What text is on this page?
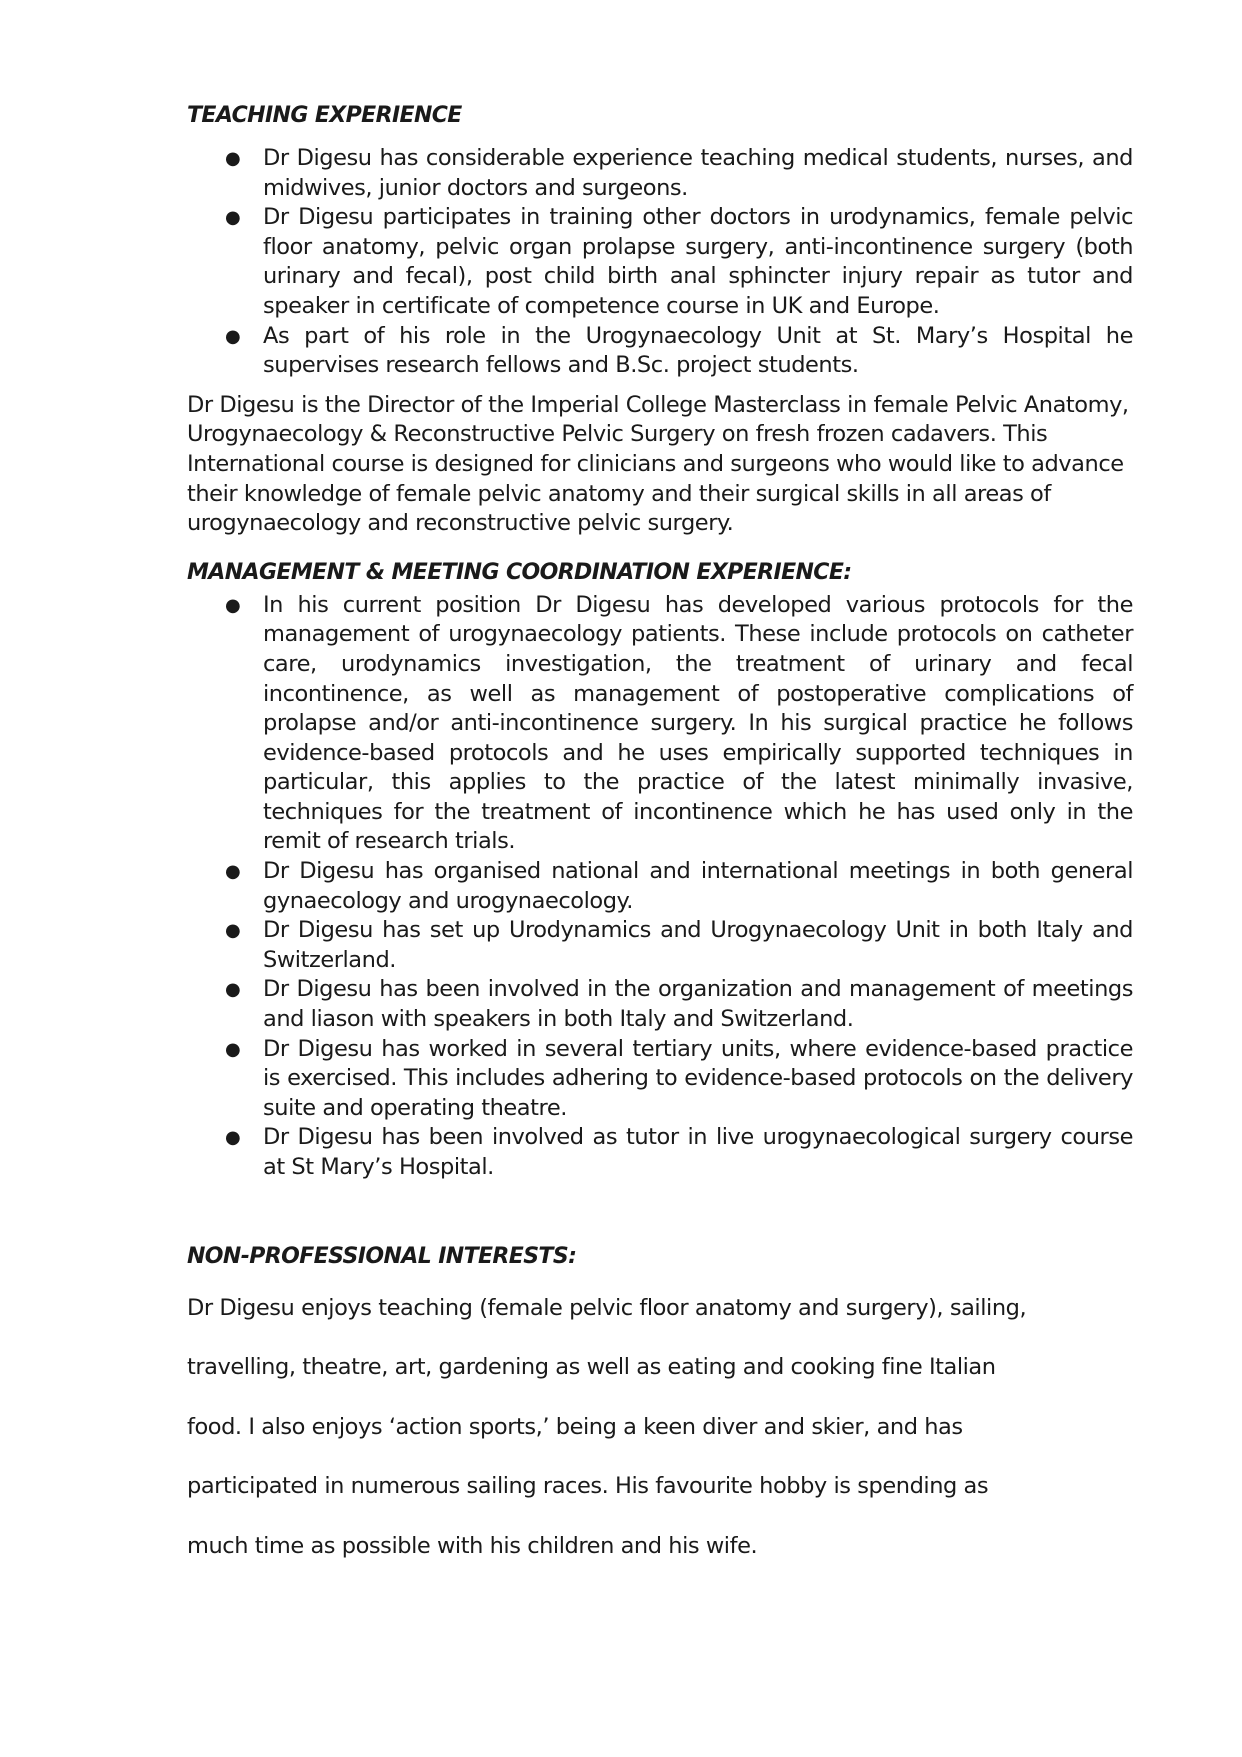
TEACHING EXPERIENCE
● Dr Digesu has considerable experience teaching medical students, nurses, and midwives, junior doctors and surgeons.
● Dr Digesu participates in training other doctors in urodynamics, female pelvic floor anatomy, pelvic organ prolapse surgery, anti-incontinence surgery (both urinary and fecal), post child birth anal sphincter injury repair as tutor and speaker in certificate of competence course in UK and Europe.
● As part of his role in the Urogynaecology Unit at St. Mary’s Hospital he supervises research fellows and B.Sc. project students.

Dr Digesu is the Director of the Imperial College Masterclass in female Pelvic Anatomy, Urogynaecology & Reconstructive Pelvic Surgery on fresh frozen cadavers. This International course is designed for clinicians and surgeons who would like to advance their knowledge of female pelvic anatomy and their surgical skills in all areas of urogynaecology and reconstructive pelvic surgery.

MANAGEMENT & MEETING COORDINATION EXPERIENCE:
● In his current position Dr Digesu has developed various protocols for the management of urogynaecology patients. These include protocols on catheter care, urodynamics investigation, the treatment of urinary and fecal incontinence, as well as management of postoperative complications of prolapse and/or anti-incontinence surgery. In his surgical practice he follows evidence-based protocols and he uses empirically supported techniques in particular, this applies to the practice of the latest minimally invasive, techniques for the treatment of incontinence which he has used only in the remit of research trials.
● Dr Digesu has organised national and international meetings in both general gynaecology and urogynaecology.
● Dr Digesu has set up Urodynamics and Urogynaecology Unit in both Italy and Switzerland.
● Dr Digesu has been involved in the organization and management of meetings and liason with speakers in both Italy and Switzerland.
● Dr Digesu has worked in several tertiary units, where evidence-based practice is exercised. This includes adhering to evidence-based protocols on the delivery suite and operating theatre.
● Dr Digesu has been involved as tutor in live urogynaecological surgery course at St Mary’s Hospital.
NON-PROFESSIONAL INTERESTS:

Dr Digesu enjoys teaching (female pelvic floor anatomy and surgery), sailing,

travelling, theatre, art, gardening as well as eating and cooking fine Italian

food. I also enjoys ‘action sports,’ being a keen diver and skier, and has

participated in numerous sailing races. His favourite hobby is spending as

much time as possible with his children and his wife.
